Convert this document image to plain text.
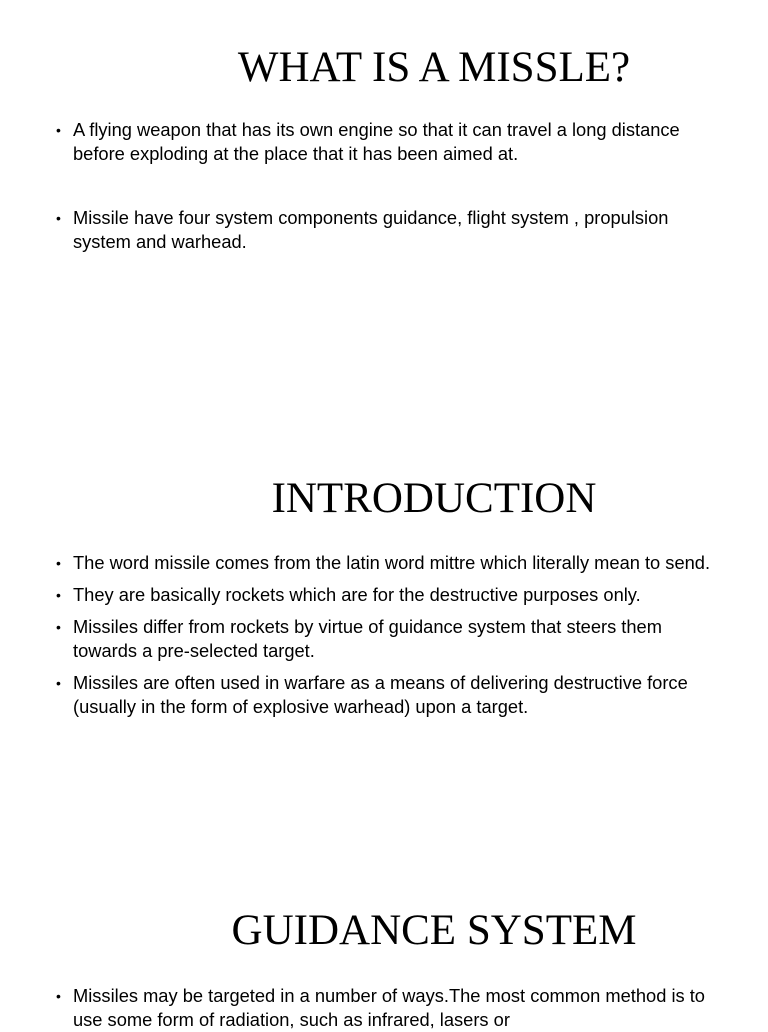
WHAT IS A MISSLE?
• A flying weapon that has its own engine so that it can travel a long distance before exploding at the place that it has been aimed at.
• Missile have four system components guidance, flight system , propulsion system and warhead.
INTRODUCTION
• The word missile comes from the latin word mittre which literally mean to send.
• They are basically rockets which are for the destructive purposes only.
• Missiles differ from rockets by virtue of guidance system that steers them towards a pre-selected target.
• Missiles are often used in warfare as a means of delivering destructive force (usually in the form of explosive warhead) upon a target.
GUIDANCE SYSTEM
• Missiles may be targeted in a number of ways.The most common method is to use some form of radiation, such as infrared, lasers or
